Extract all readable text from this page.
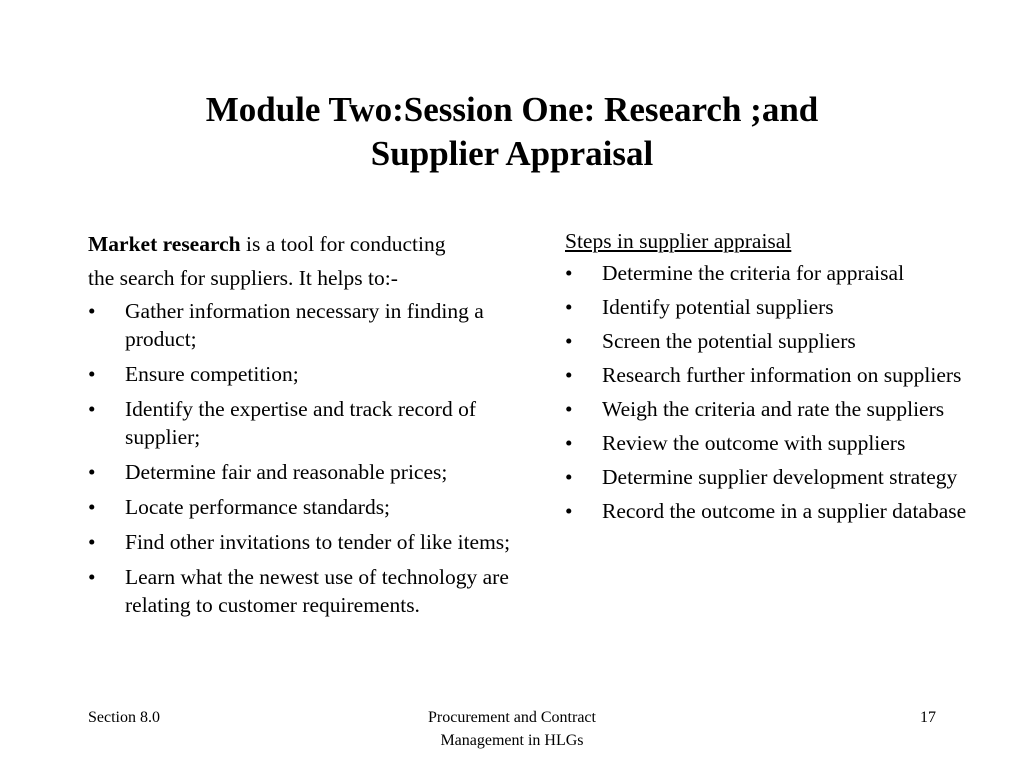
Module Two:Session One: Research ;and
Supplier Appraisal

Market research is a tool for conducting
the search for suppliers. It helps to:-

•	Gather information necessary in finding a product;
•	Ensure competition;
•	Identify the expertise and track record of supplier;
•	Determine fair and reasonable prices;
•	Locate performance standards;
•	Find other invitations to tender of like items;
•	Learn what the newest use of technology are relating to customer requirements.

Steps in supplier appraisal

•	Determine the criteria for appraisal
•	Identify potential suppliers
•	Screen the potential suppliers
•	Research further information on suppliers
•	Weigh the criteria and rate the suppliers
•	Review the outcome with suppliers
•	Determine supplier development strategy
•	Record the outcome in a supplier database
Section 8.0	Procurement and Contract
Management in HLGs
17
